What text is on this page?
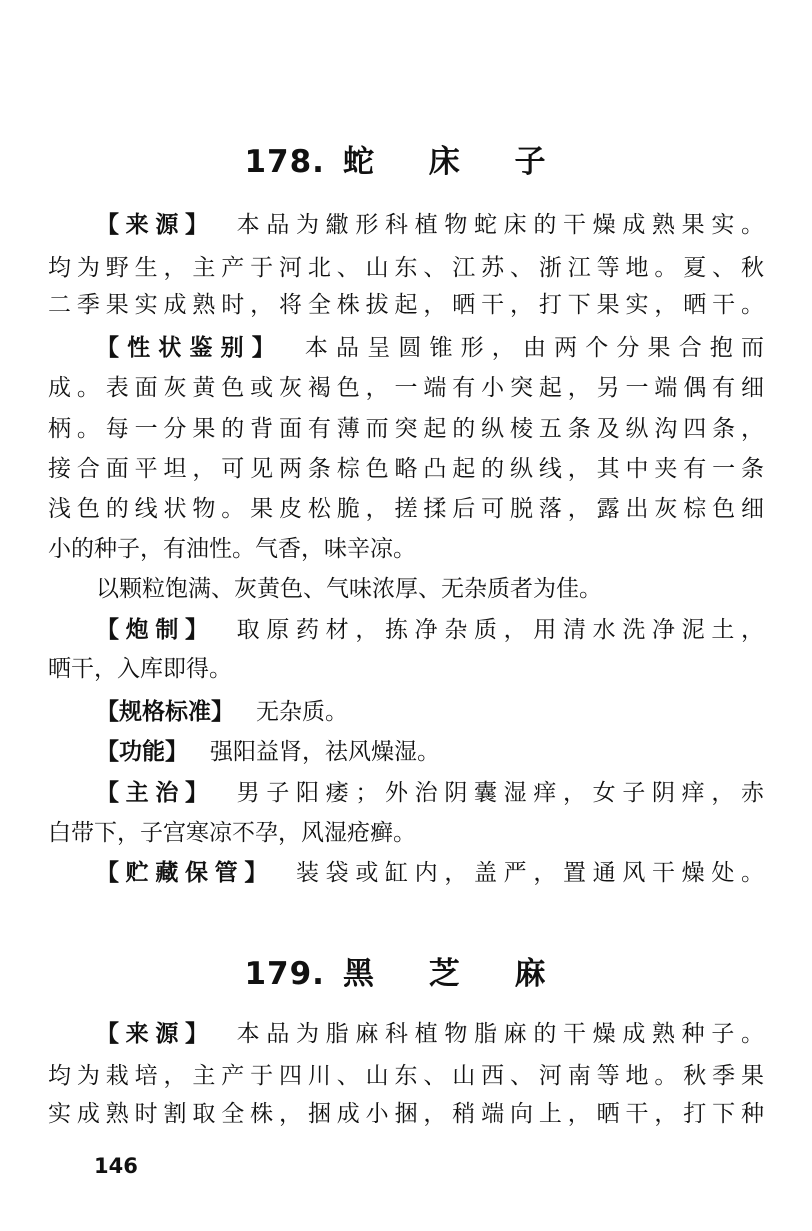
178. 蛇 床 子
【来源】 本品为繖形科植物蛇床的干燥成熟果实。
均为野生，主产于河北、山东、江苏、浙江等地。夏、秋
二季果实成熟时，将全株拔起，晒干，打下果实，晒干。
【性状鉴别】 本品呈圆锥形，由两个分果合抱而
成。表面灰黄色或灰褐色，一端有小突起，另一端偶有细
柄。每一分果的背面有薄而突起的纵棱五条及纵沟四条，
接合面平坦，可见两条棕色略凸起的纵线，其中夹有一条
浅色的线状物。果皮松脆，搓揉后可脱落，露出灰棕色细
小的种子，有油性。气香，味辛凉。
以颗粒饱满、灰黄色、气味浓厚、无杂质者为佳。
【炮制】 取原药材，拣净杂质，用清水洗净泥土，
晒干，入库即得。
【规格标准】 无杂质。
【功能】 强阳益肾，祛风燥湿。
【主治】 男子阳痿；外治阴囊湿痒，女子阴痒，赤
白带下，子宫寒凉不孕，风湿疮癣。
【贮藏保管】 装袋或缸内，盖严，置通风干燥处。
179. 黑 芝 麻
【来源】 本品为脂麻科植物脂麻的干燥成熟种子。
均为栽培，主产于四川、山东、山西、河南等地。秋季果
实成熟时割取全株，捆成小捆，稍端向上，晒干，打下种
146
